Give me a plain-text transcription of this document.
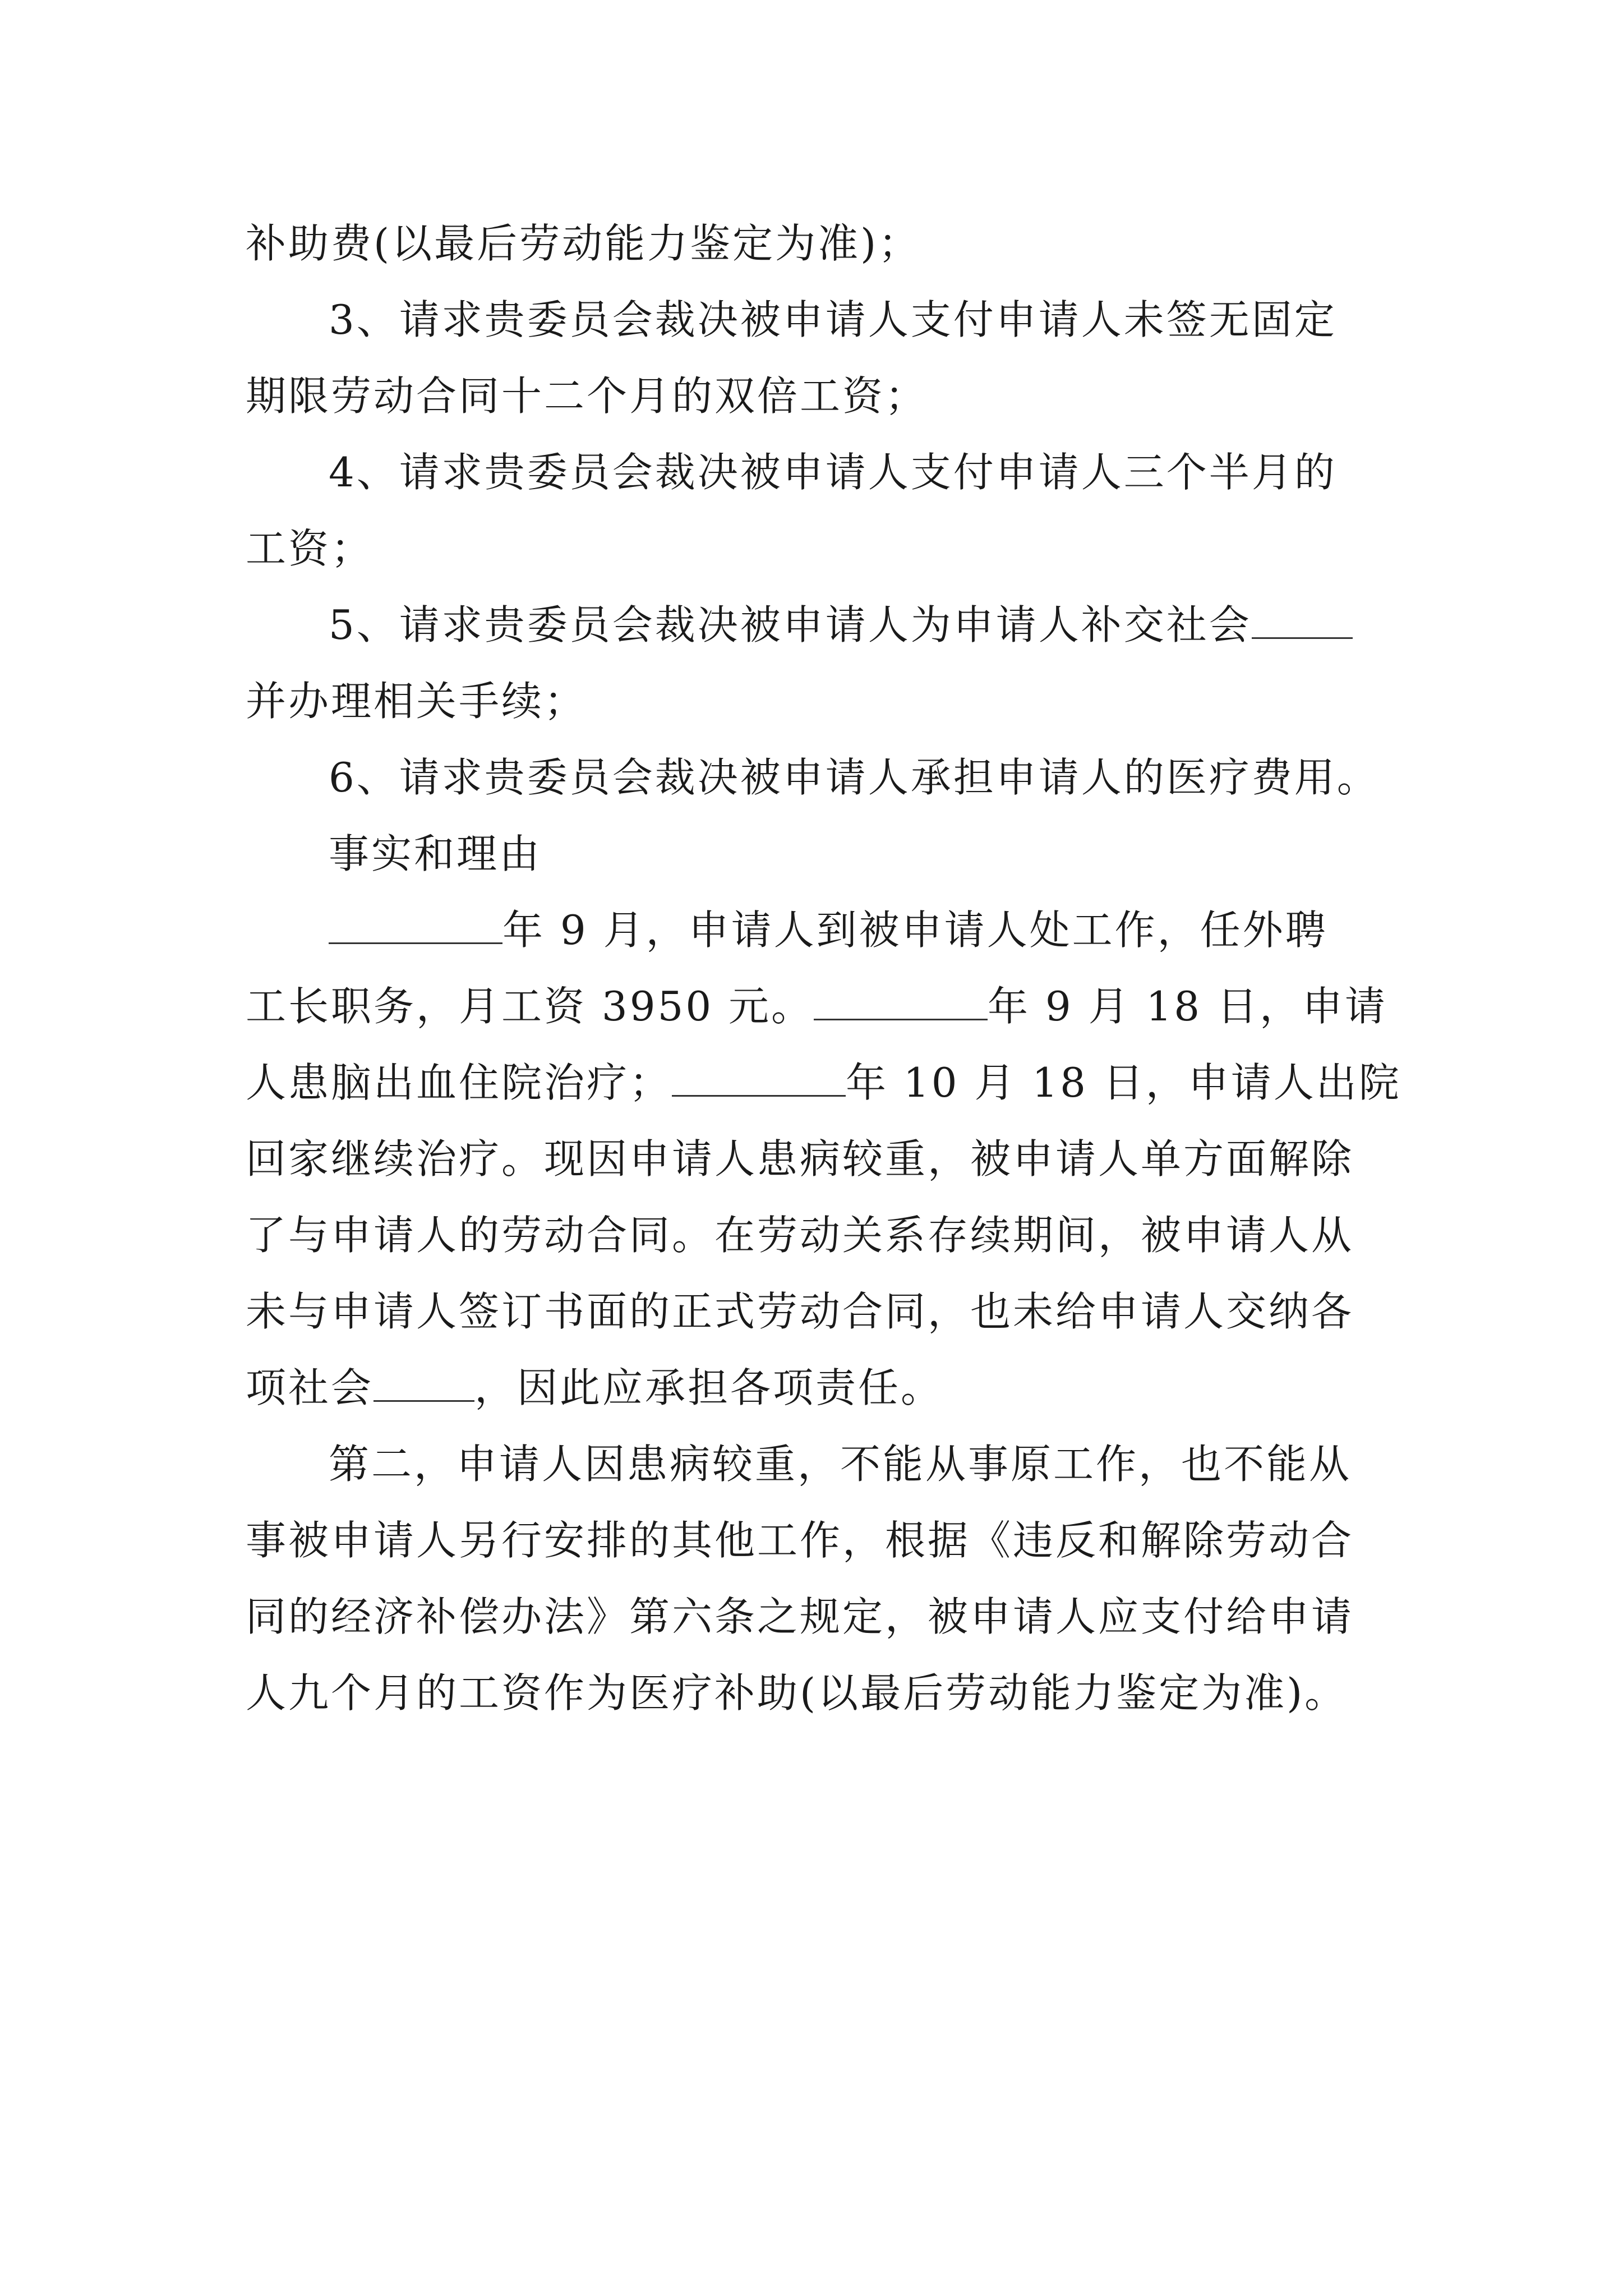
补助费(以最后劳动能力鉴定为准)；
3、请求贵委员会裁决被申请人支付申请人未签无固定
期限劳动合同十二个月的双倍工资；
4、请求贵委员会裁决被申请人支付申请人三个半月的
工资；
5、请求贵委员会裁决被申请人为申请人补交社会
并办理相关手续；
6、请求贵委员会裁决被申请人承担申请人的医疗费用。
事实和理由
年 9 月，申请人到被申请人处工作，任外聘
工长职务，月工资 3950 元。	年 9 月 18 日，申请
人患脑出血住院治疗；	年 10 月 18 日，申请人出院
回家继续治疗。现因申请人患病较重，被申请人单方面解除
了与申请人的劳动合同。在劳动关系存续期间，被申请人从
未与申请人签订书面的正式劳动合同，也未给申请人交纳各
项社会	，因此应承担各项责任。
第二，申请人因患病较重，不能从事原工作，也不能从
事被申请人另行安排的其他工作，根据《违反和解除劳动合
同的经济补偿办法》第六条之规定，被申请人应支付给申请
人九个月的工资作为医疗补助(以最后劳动能力鉴定为准)。
